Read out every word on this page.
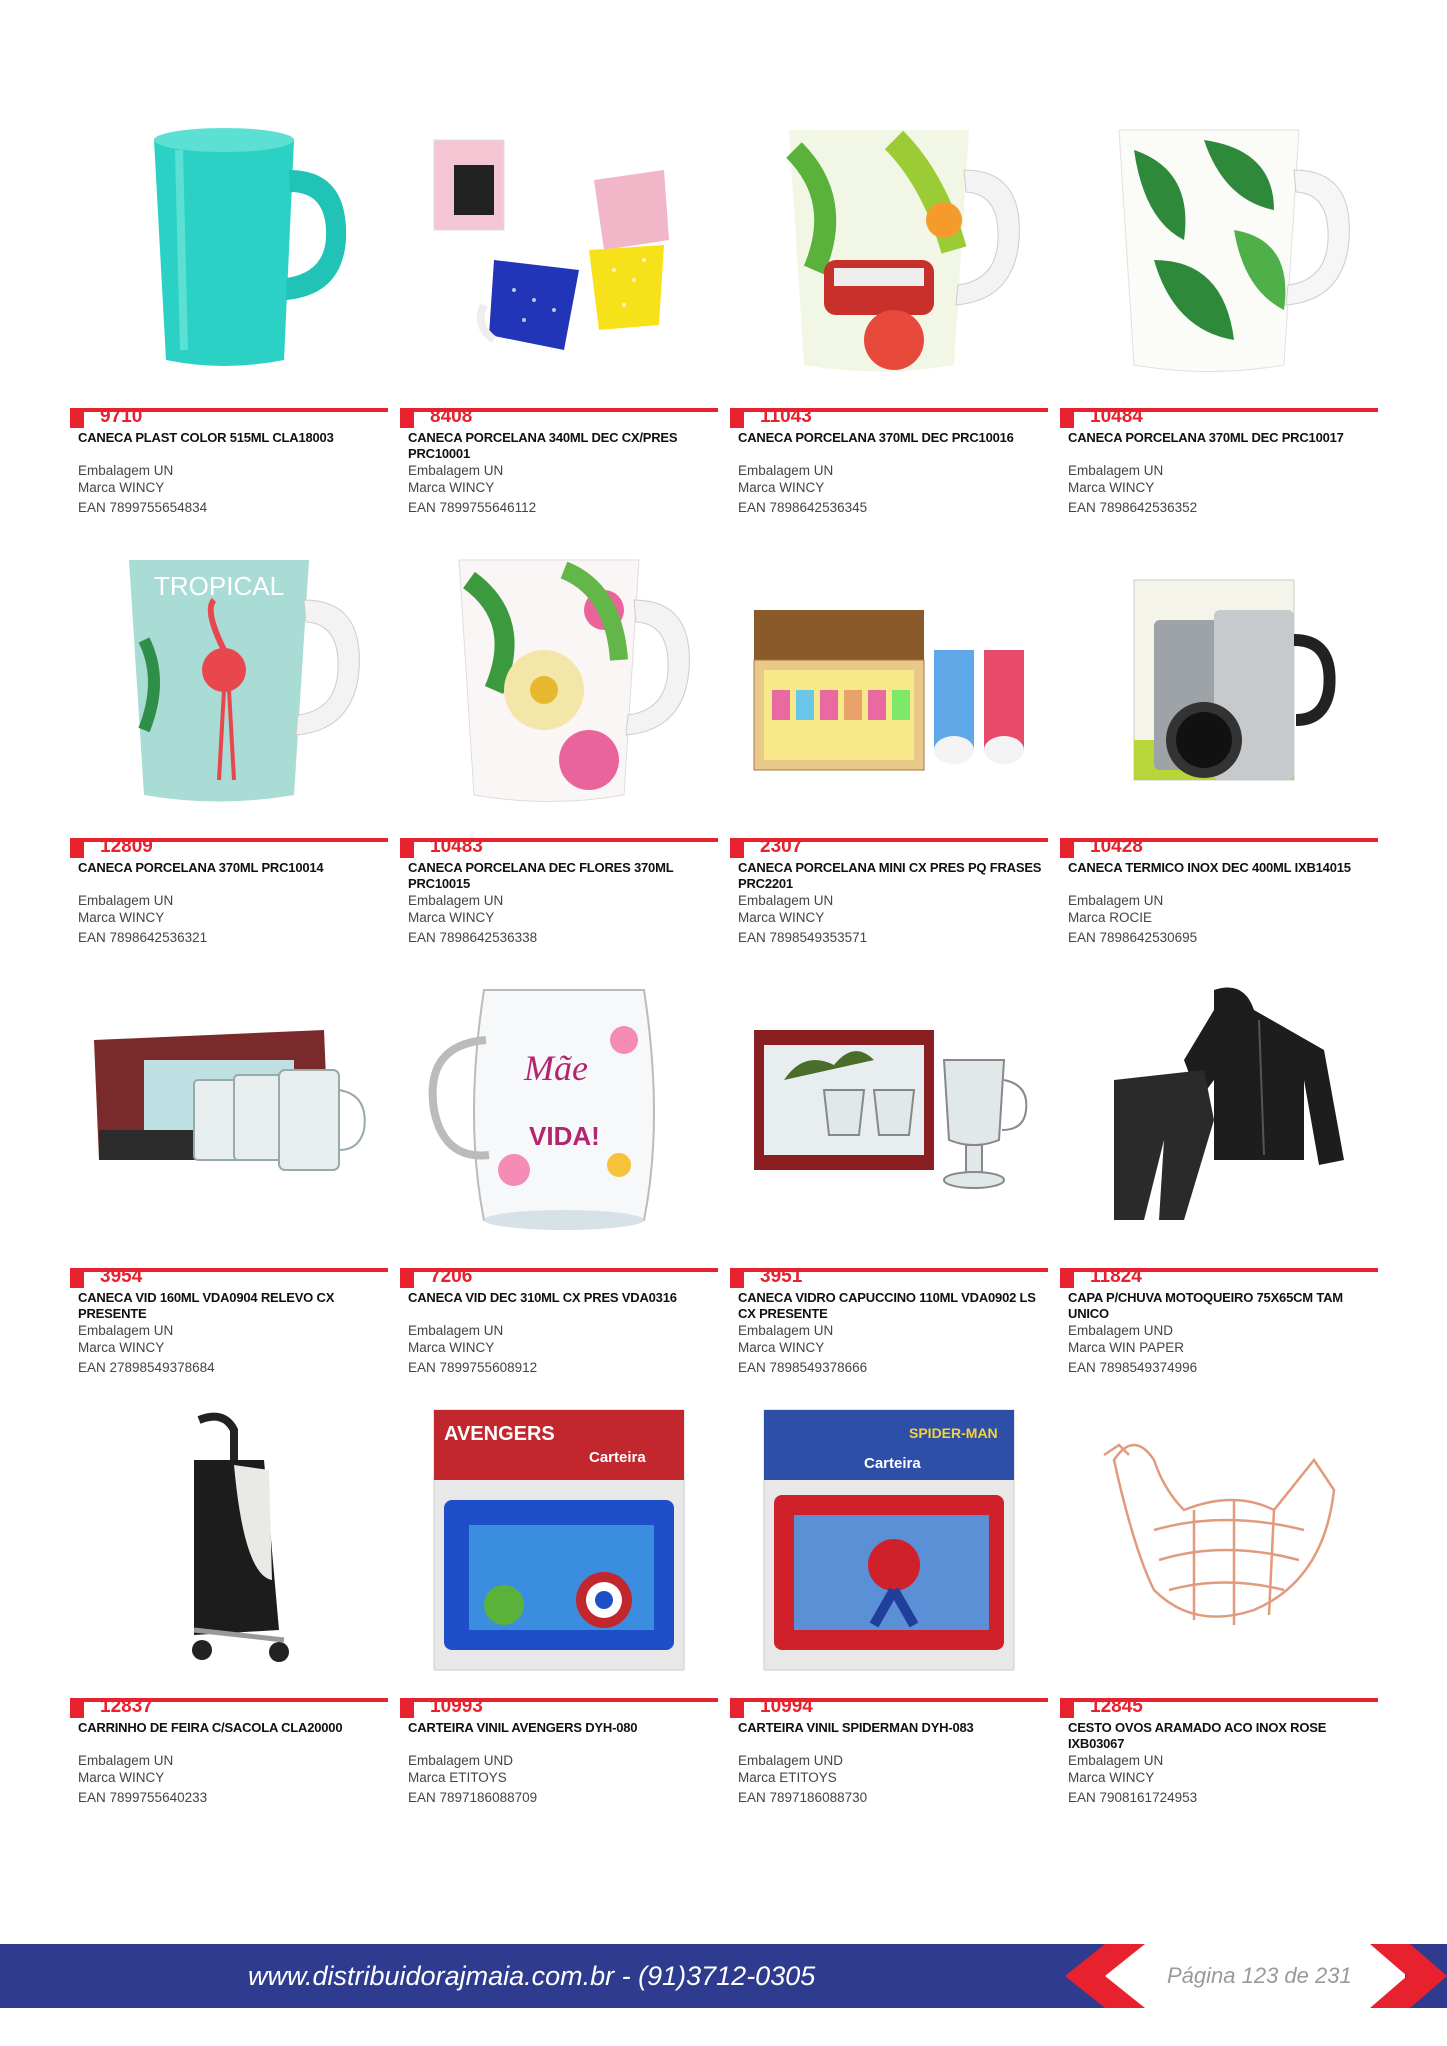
9710
CANECA PLAST COLOR 515ML CLA18003
Embalagem UN
Marca WINCY
EAN 7899755654834
8408
CANECA PORCELANA 340ML DEC CX/PRES PRC10001
Embalagem UN
Marca WINCY
EAN 7899755646112
11043
CANECA PORCELANA 370ML DEC PRC10016
Embalagem UN
Marca WINCY
EAN 7898642536345
10484
CANECA PORCELANA 370ML DEC PRC10017
Embalagem UN
Marca WINCY
EAN 7898642536352
TROPICAL
12809
CANECA PORCELANA 370ML PRC10014
Embalagem UN
Marca WINCY
EAN 7898642536321
10483
CANECA PORCELANA DEC FLORES 370ML PRC10015
Embalagem UN
Marca WINCY
EAN 7898642536338
2307
CANECA PORCELANA MINI CX PRES PQ FRASES PRC2201
Embalagem UN
Marca WINCY
EAN 7898549353571
10428
CANECA TERMICO INOX DEC 400ML IXB14015
Embalagem UN
Marca ROCIE
EAN 7898642530695
3954
CANECA VID 160ML VDA0904 RELEVO CX PRESENTE
Embalagem UN
Marca WINCY
EAN 27898549378684
Mãe
VIDA!
7206
CANECA VID DEC 310ML CX PRES VDA0316
Embalagem UN
Marca WINCY
EAN 7899755608912
3951
CANECA VIDRO CAPUCCINO 110ML VDA0902 LS CX PRESENTE
Embalagem UN
Marca WINCY
EAN 7898549378666
11824
CAPA P/CHUVA MOTOQUEIRO 75X65CM TAM UNICO
Embalagem UND
Marca WIN PAPER
EAN 7898549374996
12837
CARRINHO DE FEIRA C/SACOLA CLA20000
Embalagem UN
Marca WINCY
EAN 7899755640233
AVENGERS
Carteira
10993
CARTEIRA VINIL AVENGERS DYH-080
Embalagem UND
Marca ETITOYS
EAN 7897186088709
SPIDER-MAN
Carteira
10994
CARTEIRA VINIL SPIDERMAN DYH-083
Embalagem UND
Marca ETITOYS
EAN 7897186088730
12845
CESTO OVOS ARAMADO ACO INOX ROSE IXB03067
Embalagem UN
Marca WINCY
EAN 7908161724953
www.distribuidorajmaia.com.br - (91)3712-0305	Página 123 de 231
